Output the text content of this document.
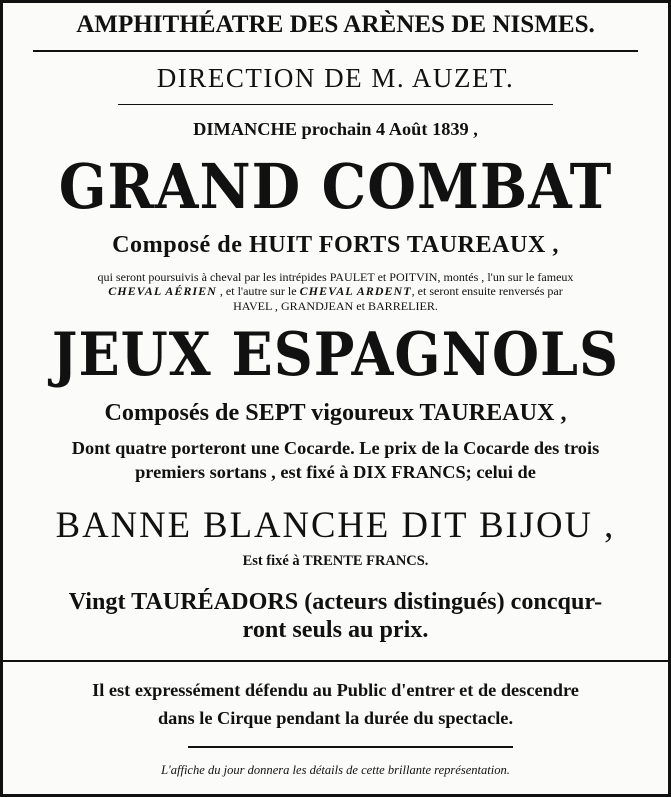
AMPHITHÉATRE DES ARÈNES DE NISMES.
DIRECTION DE M. AUZET.
DIMANCHE prochain 4 Août 1839 ,
GRAND COMBAT
Composé de HUIT FORTS TAUREAUX ,
qui seront poursuivis à cheval par les intrépides PAULET et POITVIN, montés , l'un sur le fameux
CHEVAL AÉRIEN , et l'autre sur le CHEVAL ARDENT, et seront ensuite renversés par
HAVEL , GRANDJEAN et BARRELIER.
JEUX ESPAGNOLS
Composés de SEPT vigoureux TAUREAUX ,
Dont quatre porteront une Cocarde. Le prix de la Cocarde des trois
premiers sortans , est fixé à DIX FRANCS; celui de
BANNE BLANCHE DIT BIJOU ,
Est fixé à TRENTE FRANCS.
Vingt TAURÉADORS (acteurs distingués) concqur-
ront seuls au prix.
Il est expressément défendu au Public d'entrer et de descendre
dans le Cirque pendant la durée du spectacle.
L'affiche du jour donnera les détails de cette brillante représentation.
